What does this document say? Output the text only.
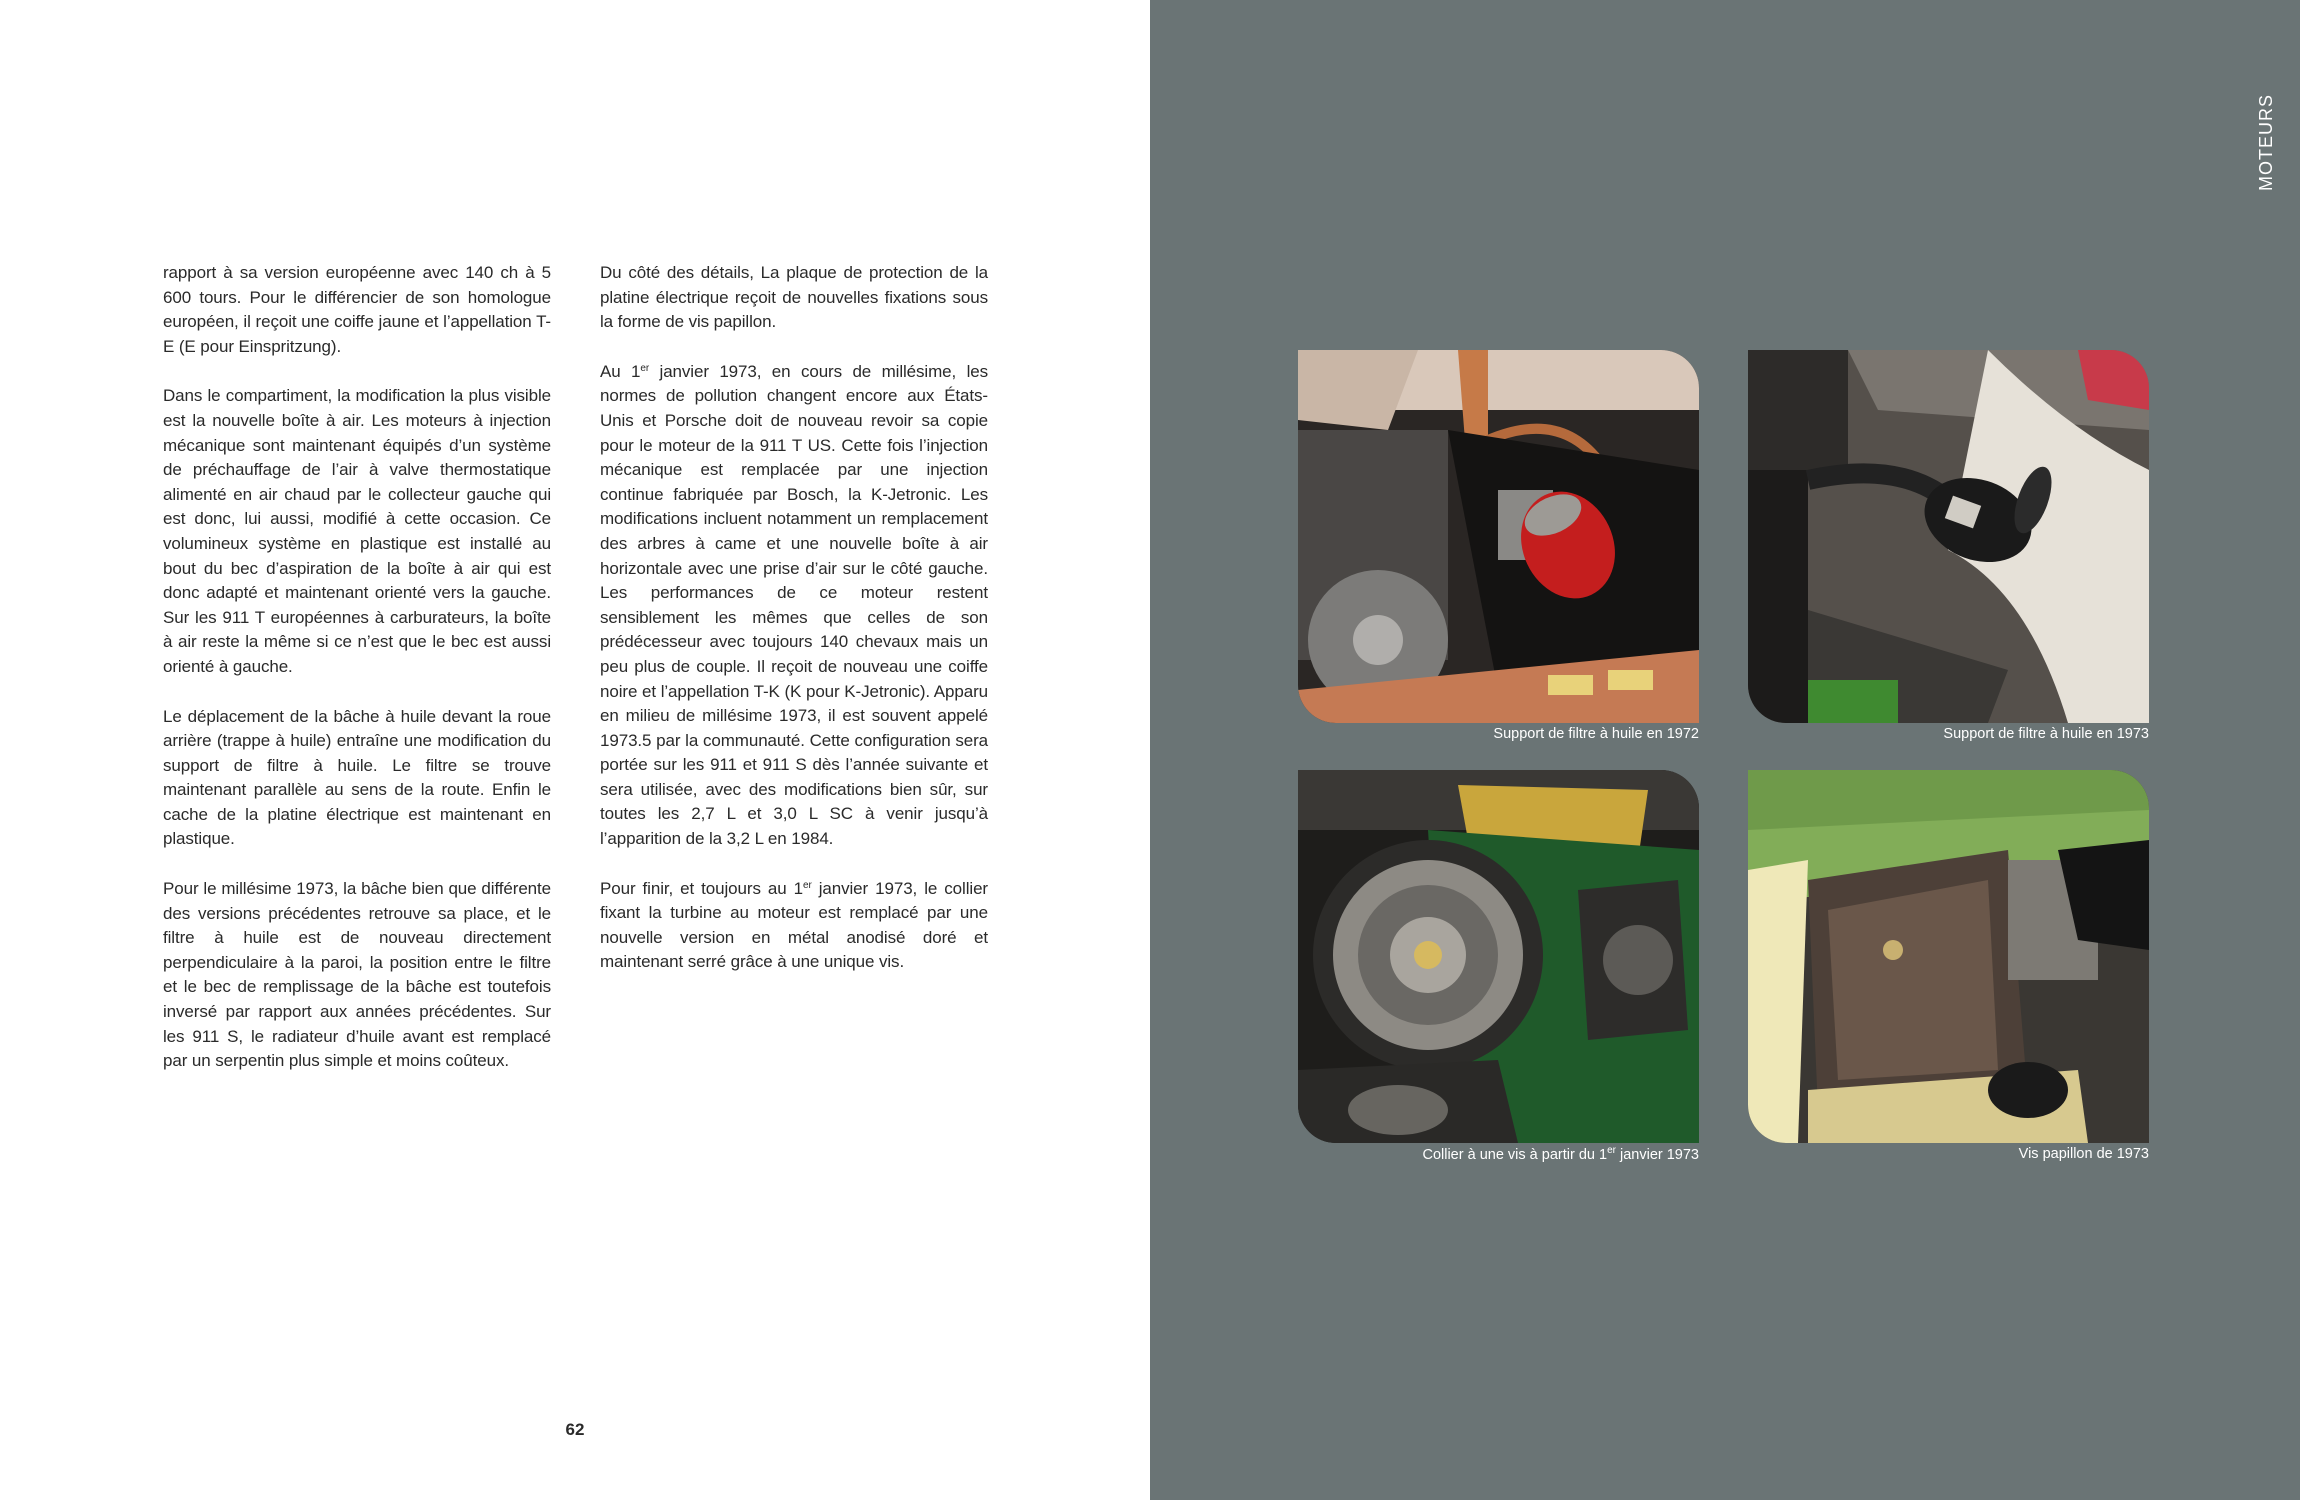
rapport à sa version européenne avec 140 ch à 5 600 tours. Pour le différencier de son homologue européen, il reçoit une coiffe jaune et l’appellation T-E (E pour Einspritzung).

Dans le compartiment, la modification la plus visible est la nouvelle boîte à air. Les moteurs à injection mécanique sont maintenant équipés d’un système de préchauffage de l’air à valve thermostatique alimenté en air chaud par le collecteur gauche qui est donc, lui aussi, modifié à cette occasion. Ce volumineux système en plastique est installé au bout du bec d’aspiration de la boîte à air qui est donc adapté et maintenant orienté vers la gauche. Sur les 911 T européennes à carburateurs, la boîte à air reste la même si ce n’est que le bec est aussi orienté à gauche.

Le déplacement de la bâche à huile devant la roue arrière (trappe à huile) entraîne une modification du support de filtre à huile. Le filtre se trouve maintenant parallèle au sens de la route. Enfin le cache de la platine électrique est maintenant en plastique.

Pour le millésime 1973, la bâche bien que différente des versions précédentes retrouve sa place, et le filtre à huile est de nouveau directement perpendiculaire à la paroi, la position entre le filtre et le bec de remplissage de la bâche est toutefois inversé par rapport aux années précédentes. Sur les 911 S, le radiateur d’huile avant est remplacé par un serpentin plus simple et moins coûteux.

Du côté des détails, La plaque de protection de la platine électrique reçoit de nouvelles fixations sous la forme de vis papillon.

Au 1er janvier 1973, en cours de millésime, les normes de pollution changent encore aux États-Unis et Porsche doit de nouveau revoir sa copie pour le moteur de la 911 T US. Cette fois l’injection mécanique est remplacée par une injection continue fabriquée par Bosch, la K-Jetronic. Les modifications incluent notamment un remplacement des arbres à came et une nouvelle boîte à air horizontale avec une prise d’air sur le côté gauche. Les performances de ce moteur restent sensiblement les mêmes que celles de son prédécesseur avec toujours 140 chevaux mais un peu plus de couple. Il reçoit de nouveau une coiffe noire et l’appellation T-K (K pour K-Jetronic). Apparu en milieu de millésime 1973, il est souvent appelé 1973.5 par la communauté. Cette configuration sera portée sur les 911 et 911 S dès l’année suivante et sera utilisée, avec des modifications bien sûr, sur toutes les 2,7 L et 3,0 L SC à venir jusqu’à l’apparition de la 3,2 L en 1984.

Pour finir, et toujours au 1er janvier 1973, le collier fixant la turbine au moteur est remplacé par une nouvelle version en métal anodisé doré et maintenant serré grâce à une unique vis.

62
MOTEURS
Support de filtre à huile en 1972	Support de filtre à huile en 1973
Collier à une vis à partir du 1er janvier 1973	Vis papillon de 1973
